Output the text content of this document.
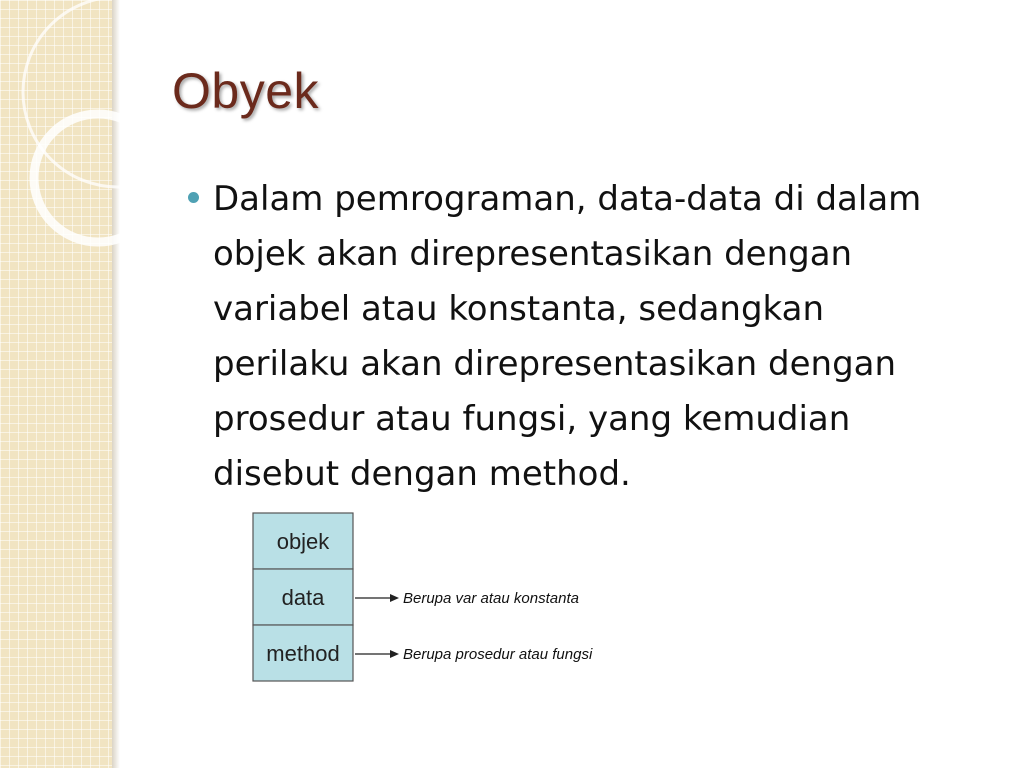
Obyek

Dalam pemrograman, data-data di dalam
objek akan direpresentasikan dengan
variabel atau konstanta, sedangkan
perilaku akan direpresentasikan dengan
prosedur atau fungsi, yang kemudian
disebut dengan method.

objek
data
method
Berupa var atau konstanta
Berupa prosedur atau fungsi
